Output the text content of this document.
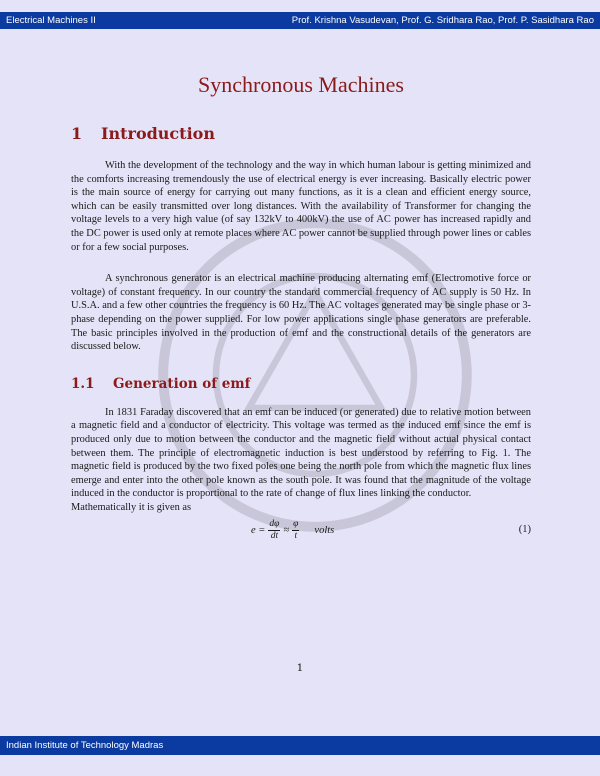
Electrical Machines II	Prof. Krishna Vasudevan, Prof. G. Sridhara Rao, Prof. P. Sasidhara Rao
Synchronous Machines
1 Introduction

With the development of the technology and the way in which human labour is getting minimized and the comforts increasing tremendously the use of electrical energy is ever increasing. Basically electric power is the main source of energy for carrying out many functions, as it is a clean and efficient energy source, which can be easily transmitted over long distances. With the availability of Transformer for changing the voltage levels to a very high value (of say 132kV to 400kV) the use of AC power has increased rapidly and the DC power is used only at remote places where AC power cannot be supplied through power lines or cables or for a few social purposes.

A synchronous generator is an electrical machine producing alternating emf (Electromotive force or voltage) of constant frequency. In our country the standard commercial frequency of AC supply is 50 Hz. In U.S.A. and a few other countries the frequency is 60 Hz. The AC voltages generated may be single phase or 3-phase depending on the power supplied. For low power applications single phase generators are preferable. The basic principles involved in the production of emf and the constructional details of the generators are discussed below.

1.1 Generation of emf

In 1831 Faraday discovered that an emf can be induced (or generated) due to relative motion between a magnetic field and a conductor of electricity. This voltage was termed as the induced emf since the emf is produced only due to motion between the conductor and the magnetic field without actual physical contact between them. The principle of electromagnetic induction is best understood by referring to Fig. 1. The magnetic field is produced by the two fixed poles one being the north pole from which the magnetic flux lines emerge and enter into the other pole known as the south pole. It was found that the magnitude of the voltage induced in the conductor is proportional to the rate of change of flux lines linking the conductor.

Mathematically it is given as

$e = \frac{d\varphi}{dt} \approx \frac{\varphi}{t}$ volts	(1)
1
Indian Institute of Technology Madras
